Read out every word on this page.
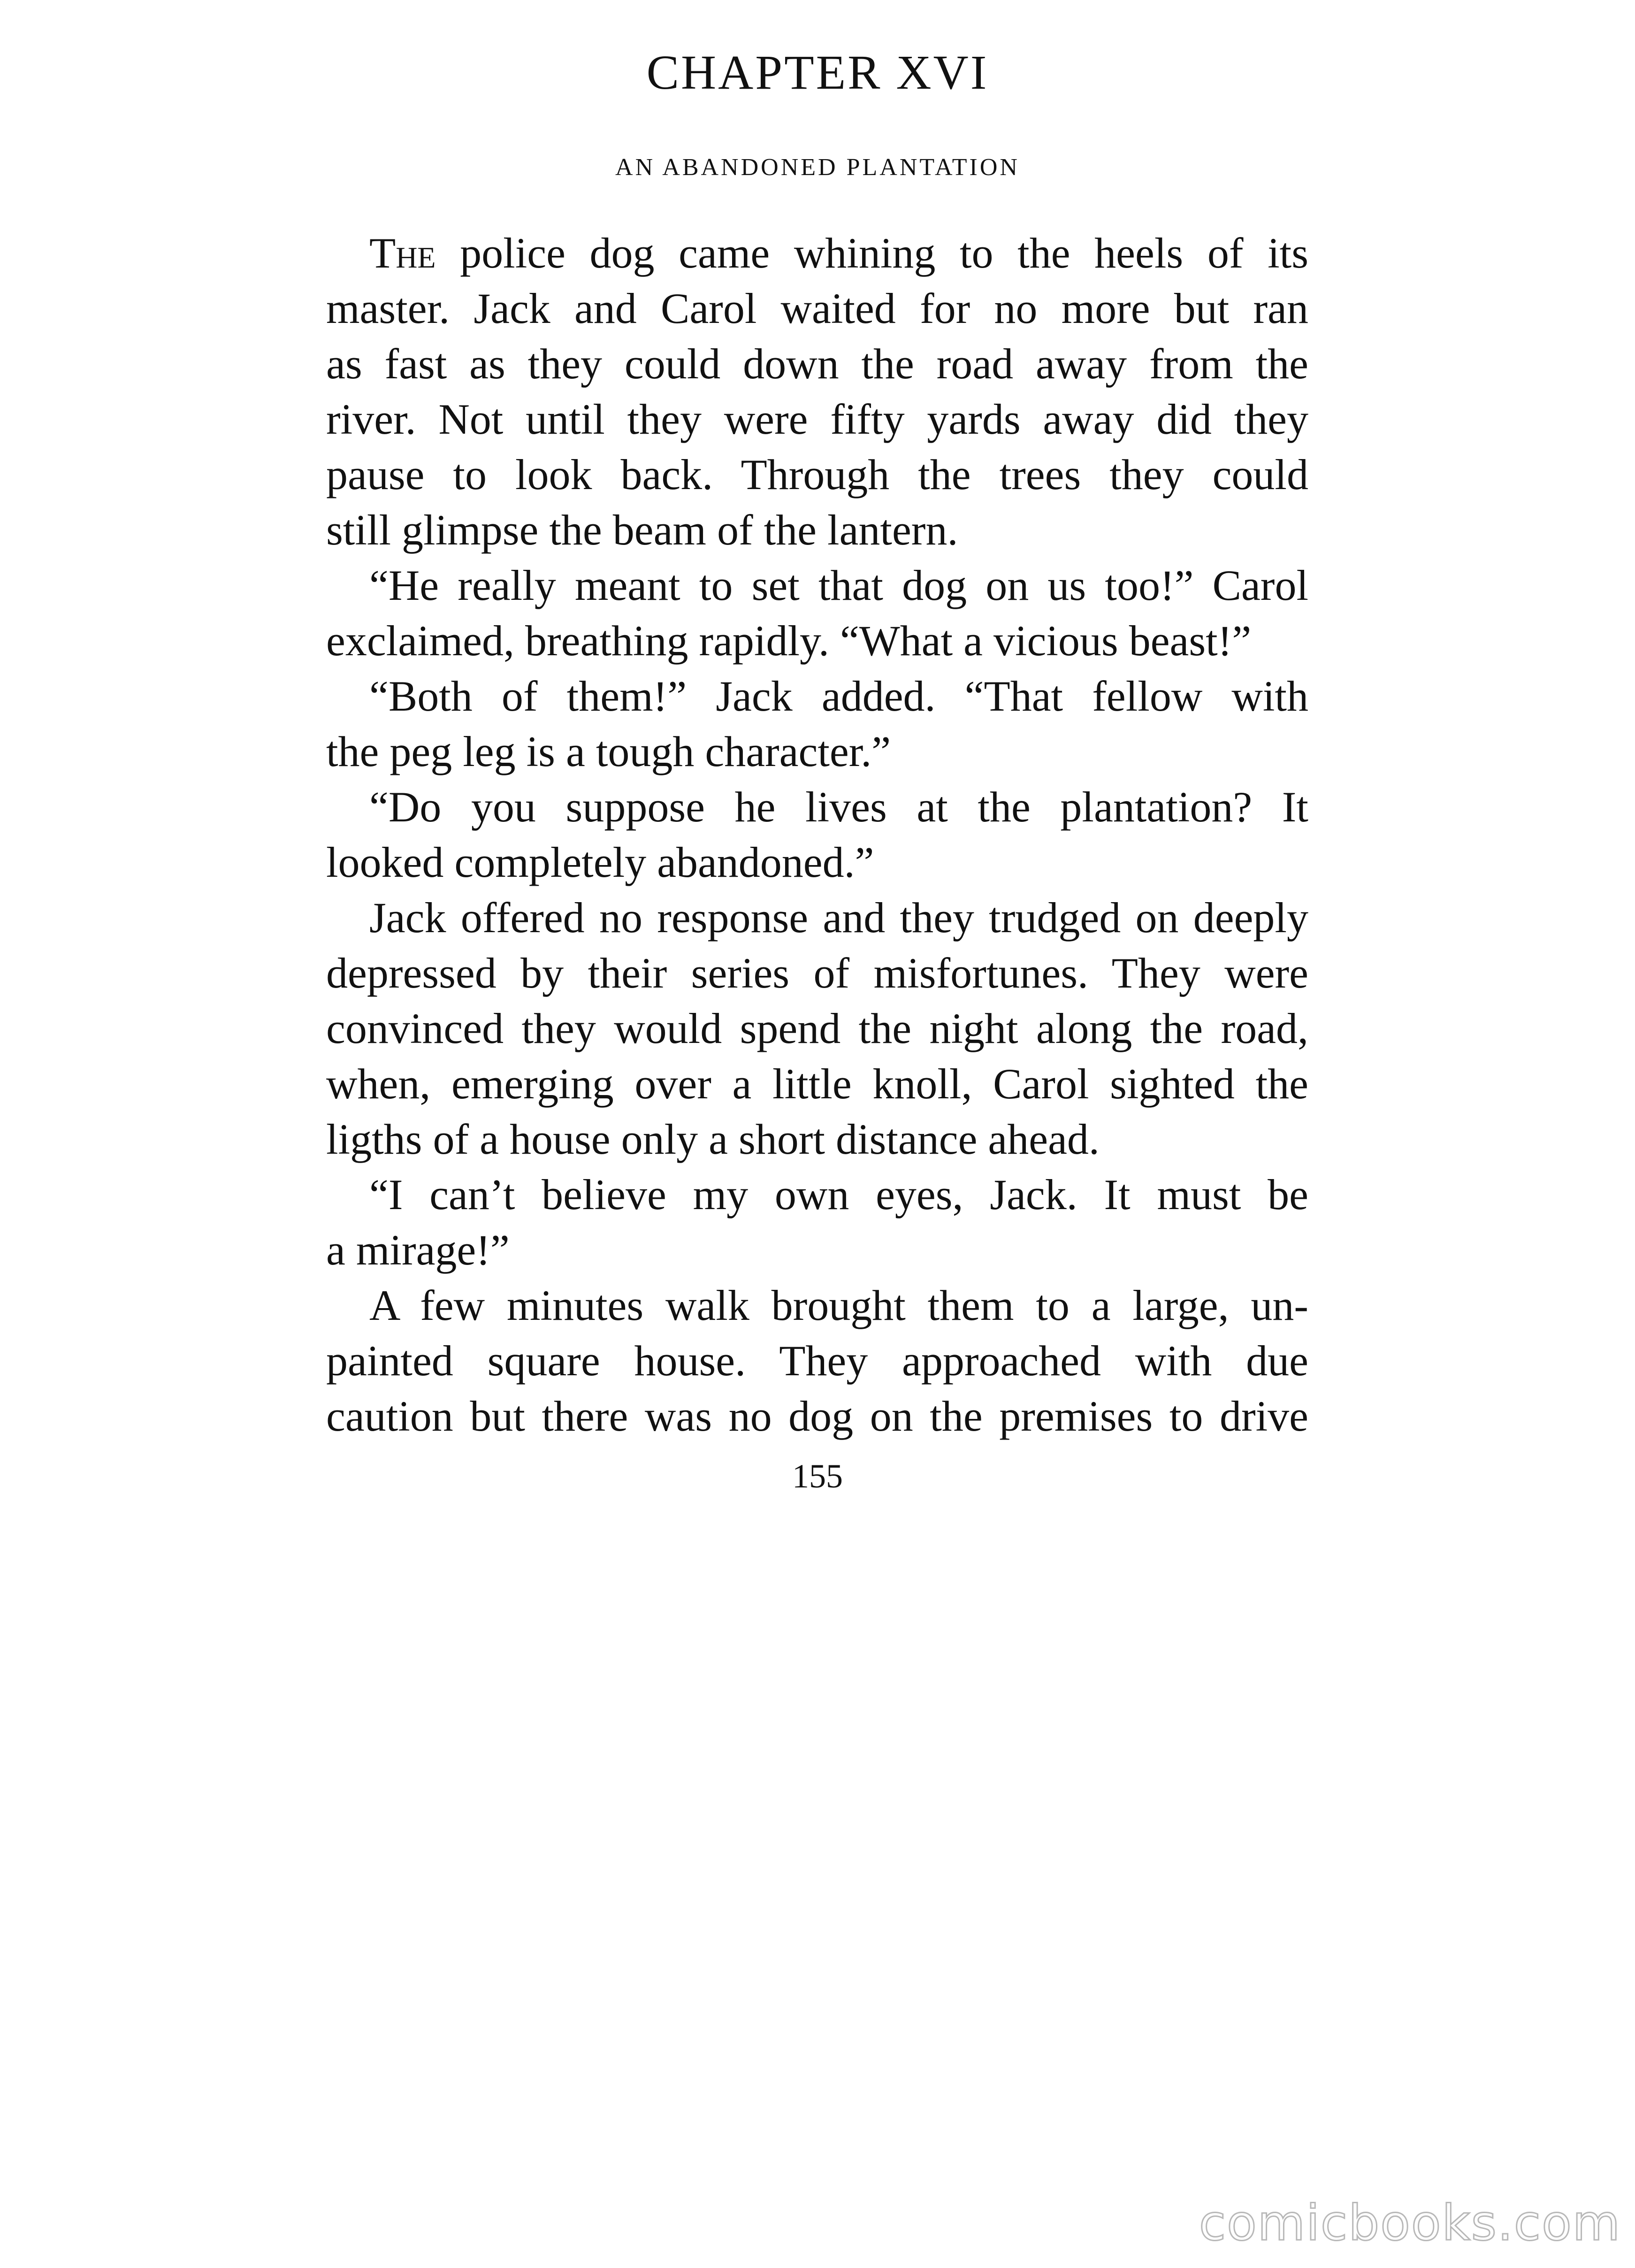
CHAPTER XVI
AN ABANDONED PLANTATION
The police dog came whining to the heels of its
master. Jack and Carol waited for no more but ran
as fast as they could down the road away from the
river. Not until they were fifty yards away did they
pause to look back. Through the trees they could
still glimpse the beam of the lantern.
“He really meant to set that dog on us too!” Carol
exclaimed, breathing rapidly. “What a vicious beast!”
“Both of them!” Jack added. “That fellow with
the peg leg is a tough character.”
“Do you suppose he lives at the plantation? It
looked completely abandoned.”
Jack offered no response and they trudged on deeply
depressed by their series of misfortunes. They were
convinced they would spend the night along the road,
when, emerging over a little knoll, Carol sighted the
ligths of a house only a short distance ahead.
“I can’t believe my own eyes, Jack. It must be
a mirage!”
A few minutes walk brought them to a large, un-
painted square house. They approached with due
caution but there was no dog on the premises to drive
155
comicbooks.com
